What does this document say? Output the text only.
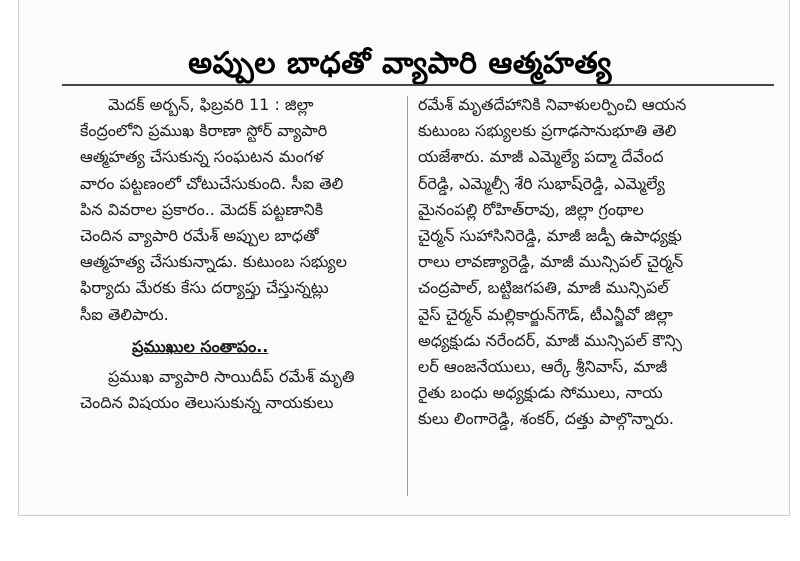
అప్పుల బాధతో వ్యాపారి ఆత్మహత్య
మెదక్ అర్బన్, ఫిబ్రవరి 11 : జిల్లా
కేంద్రంలోని ప్రముఖ కిరాణా స్టోర్ వ్యాపారి
ఆత్మహత్య చేసుకున్న సంఘటన మంగళ
వారం పట్టణంలో చోటుచేసుకుంది. సీఐ తెలి
పిన వివరాల ప్రకారం.. మెదక్ పట్టణానికి
చెందిన వ్యాపారి రమేశ్ అప్పుల బాధతో
ఆత్మహత్య చేసుకున్నాడు. కుటుంబ సభ్యుల
ఫిర్యాదు మేరకు కేసు దర్యాప్తు చేస్తున్నట్లు
సీఐ తెలిపారు.
ప్రముఖుల సంతాపం..
ప్రముఖ వ్యాపారి సాయిదీప్ రమేశ్ మృతి
చెందిన విషయం తెలుసుకున్న నాయకులు
రమేశ్ మృతదేహానికి నివాళులర్పించి ఆయన
కుటుంబ సభ్యులకు ప్రగాఢసానుభూతి తెలి
యజేశారు. మాజీ ఎమ్మెల్యే పద్మా దేవేంద
ర్‌రెడ్డి, ఎమ్మెల్సీ శేరి సుభాష్‌రెడ్డి, ఎమ్మెల్యే
మైనంపల్లి రోహిత్‌రావు, జిల్లా గ్రంథాల
చైర్మన్ సుహాసినిరెడ్డి, మాజీ జడ్పీ ఉపాధ్యక్షు
రాలు లావణ్యారెడ్డి, మాజీ మున్సిపల్ చైర్మన్
చంద్రపాల్, బట్టిజగపతి, మాజీ మున్సిపల్
వైస్ చైర్మన్ మల్లికార్జున్‌గౌడ్, టీఎన్జీవో జిల్లా
అధ్యక్షుడు నరేందర్, మాజీ మున్సిపల్ కౌన్సి
లర్ ఆంజనేయులు, ఆర్కే శ్రీనివాస్, మాజీ
రైతు బంధు అధ్యక్షుడు సోములు, నాయ
కులు లింగారెడ్డి, శంకర్, దత్తు పాల్గొన్నారు.
